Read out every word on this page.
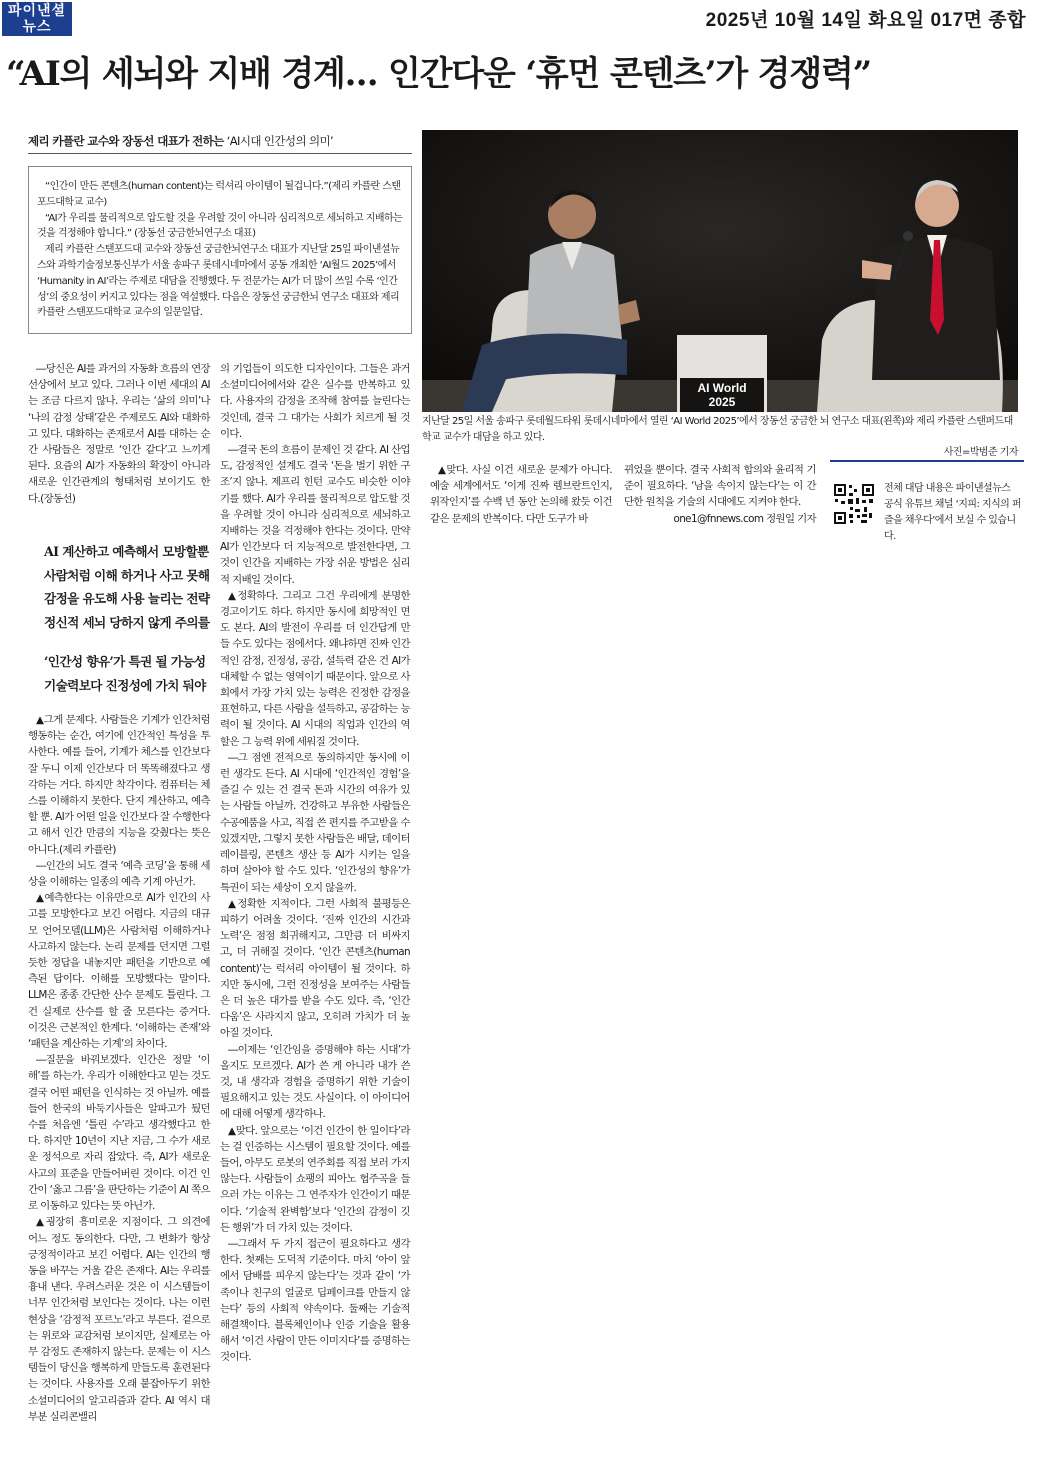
파이낸셜
뉴스	2025년 10월 14일 화요일 017면 종합
“AI의 세뇌와 지배 경계… 인간다운 ‘휴먼 콘텐츠’가 경쟁력”
제리 카플란 교수와 장동선 대표가 전하는 ‘AI시대 인간성의 의미’

“인간이 만든 콘텐츠(human content)는 럭셔리 아이템이 될겁니다.”(제리 카플란 스탠포드대학교 교수)

“AI가 우리를 물리적으로 압도할 것을 우려할 것이 아니라 심리적으로 세뇌하고 지배하는 것을 걱정해야 합니다.” (장동선 궁금한뇌연구소 대표)

제리 카플란 스탠포드대 교수와 장동선 궁금한뇌연구소 대표가 지난달 25일 파이낸셜뉴스와 과학기술정보통신부가 서울 송파구 롯데시네마에서 공동 개최한 ‘AI월드 2025’에서 ‘Humanity in AI’라는 주제로 대담을 진행했다. 두 전문가는 AI가 더 많이 쓰일 수록 ‘인간성’의 중요성이 커지고 있다는 점을 역설했다. 다음은 장동선 궁금한뇌 연구소 대표와 제리 카플란 스탠포드대학교 교수의 일문일답.

―당신은 AI를 과거의 자동화 흐름의 연장선상에서 보고 있다. 그러나 이번 세대의 AI는 조금 다르지 않나. 우리는 ‘삶의 의미’나 ‘나의 감정 상태’같은 주제로도 AI와 대화하고 있다. 대화하는 존재로서 AI를 대하는 순간 사람들은 정말로 ‘인간 같다’고 느끼게 된다. 요즘의 AI가 자동화의 확장이 아니라 새로운 인간관계의 형태처럼 보이기도 한다.(장동선)

AI 계산하고 예측해서 모방할뿐

사람처럼 이해 하거나 사고 못해

감정을 유도해 사용 늘리는 전략

정신적 세뇌 당하지 않게 주의를

‘인간성 향유’가 특권 될 가능성

기술력보다 진정성에 가치 둬야

▲그게 문제다. 사람들은 기계가 인간처럼 행동하는 순간, 여기에 인간적인 특성을 투사한다. 예를 들어, 기계가 체스를 인간보다 잘 두니 이제 인간보다 더 똑똑해졌다고 생각하는 거다. 하지만 착각이다. 컴퓨터는 체스를 이해하지 못한다. 단지 계산하고, 예측할 뿐. AI가 어떤 일을 인간보다 잘 수행한다고 해서 인간 만큼의 지능을 갖췄다는 뜻은 아니다.(제리 카플란)

―인간의 뇌도 결국 ‘예측 코딩’을 통해 세상을 이해하는 일종의 예측 기계 아닌가.

▲예측한다는 이유만으로 AI가 인간의 사고를 모방한다고 보긴 어렵다. 지금의 대규모 언어모델(LLM)은 사람처럼 이해하거나 사고하지 않는다. 논리 문제를 던지면 그럴듯한 정답을 내놓지만 패턴을 기반으로 예측된 답이다. 이해를 모방했다는 말이다. LLM은 종종 간단한 산수 문제도 틀린다. 그건 실제로 산수를 할 줄 모른다는 증거다. 이것은 근본적인 한계다. ‘이해하는 존재’와 ‘패턴을 계산하는 기계’의 차이다.

―질문을 바꿔보겠다. 인간은 정말 ‘이해’를 하는가. 우리가 이해한다고 믿는 것도 결국 어떤 패턴을 인식하는 것 아닐까. 예를 들어 한국의 바둑기사들은 알파고가 뒀던 수를 처음엔 ‘틀린 수’라고 생각했다고 한다. 하지만 10년이 지난 지금, 그 수가 새로운 정석으로 자리 잡았다. 즉, AI가 새로운 사고의 표준을 만들어버린 것이다. 이건 인간이 ‘옳고 그름’을 판단하는 기준이 AI 쪽으로 이동하고 있다는 뜻 아닌가.

▲굉장히 흥미로운 지점이다. 그 의견에 어느 정도 동의한다. 다만, 그 변화가 항상 긍정적이라고 보긴 어렵다. AI는 인간의 행동을 바꾸는 거울 같은 존재다. AI는 우리를 흉내 낸다. 우려스러운 것은 이 시스템들이 너무 인간처럼 보인다는 것이다. 나는 이런 현상을 ‘감정적 포르노’라고 부른다. 겉으로는 위로와 교감처럼 보이지만, 실제로는 아무 감정도 존재하지 않는다. 문제는 이 시스템들이 당신을 행복하게 만들도록 훈련된다는 것이다. 사용자를 오래 붙잡아두기 위한 소셜미디어의 알고리즘과 같다. AI 역시 대부분 실리콘밸리

의 기업들이 의도한 디자인이다. 그들은 과거 소셜미디어에서와 같은 실수를 반복하고 있다. 사용자의 감정을 조작해 참여를 늘린다는 것인데, 결국 그 대가는 사회가 치르게 될 것이다.

―결국 돈의 흐름이 문제인 것 같다. AI 산업도, 감정적인 설계도 결국 ‘돈을 벌기 위한 구조’지 않나. 제프리 힌턴 교수도 비슷한 이야기를 했다. AI가 우리를 물리적으로 압도할 것을 우려할 것이 아니라 심리적으로 세뇌하고 지배하는 것을 걱정해야 한다는 것이다. 만약 AI가 인간보다 더 지능적으로 발전한다면, 그것이 인간을 지배하는 가장 쉬운 방법은 심리적 지배일 것이다.

▲정확하다. 그리고 그건 우리에게 분명한 경고이기도 하다. 하지만 동시에 희망적인 면도 본다. AI의 발전이 우리를 더 인간답게 만들 수도 있다는 점에서다. 왜냐하면 진짜 인간적인 감정, 진정성, 공감, 설득력 같은 건 AI가 대체할 수 없는 영역이기 때문이다. 앞으로 사회에서 가장 가치 있는 능력은 진정한 감정을 표현하고, 다른 사람을 설득하고, 공감하는 능력이 될 것이다. AI 시대의 직업과 인간의 역할은 그 능력 위에 세워질 것이다.

―그 점엔 전적으로 동의하지만 동시에 이런 생각도 든다. AI 시대에 ‘인간적인 경험’을 즐길 수 있는 건 결국 돈과 시간의 여유가 있는 사람들 아닐까. 건강하고 부유한 사람들은 수공예품을 사고, 직접 쓴 편지를 주고받을 수 있겠지만, 그렇지 못한 사람들은 배달, 데이터 레이블링, 콘텐츠 생산 등 AI가 시키는 일을 하며 살아야 할 수도 있다. ‘인간성의 향유’가 특권이 되는 세상이 오지 않을까.

▲정확한 지적이다. 그런 사회적 불평등은 피하기 어려울 것이다. ‘진짜 인간의 시간과 노력’은 점점 희귀해지고, 그만큼 더 비싸지고, 더 귀해질 것이다. ‘인간 콘텐츠(human content)’는 럭셔리 아이템이 될 것이다. 하지만 동시에, 그런 진정성을 보여주는 사람들은 더 높은 대가를 받을 수도 있다. 즉, ‘인간다움’은 사라지지 않고, 오히려 가치가 더 높아질 것이다.

―이제는 ‘인간임을 증명해야 하는 시대’가 올지도 모르겠다. AI가 쓴 게 아니라 내가 쓴 것, 내 생각과 경험을 증명하기 위한 기술이 필요해지고 있는 것도 사실이다. 이 아이디어에 대해 어떻게 생각하나.

▲맞다. 앞으로는 ‘이건 인간이 한 일이다’라는 걸 인증하는 시스템이 필요할 것이다. 예를 들어, 아무도 로봇의 연주회를 직접 보러 가지 않는다. 사람들이 쇼팽의 피아노 협주곡을 들으러 가는 이유는 그 연주자가 인간이기 때문이다. ‘기술적 완벽함’보다 ‘인간의 감정이 깃든 행위’가 더 가치 있는 것이다.

―그래서 두 가지 접근이 필요하다고 생각한다. 첫째는 도덕적 기준이다. 마치 ‘아이 앞에서 담배를 피우지 않는다’는 것과 같이 ‘가족이나 친구의 얼굴로 딥페이크를 만들지 않는다’ 등의 사회적 약속이다. 둘째는 기술적 해결책이다. 블록체인이나 인증 기술을 활용해서 ‘이건 사람이 만든 이미지다’를 증명하는 것이다.

AI World
2025
지난달 25일 서울 송파구 롯데월드타워 롯데시네마에서 열린 ‘AI World 2025’에서 장동선 궁금한 뇌 연구소 대표(왼쪽)와 제리 카플란 스탠퍼드대학교 교수가 대담을 하고 있다.
사진=박범준 기자

▲맞다. 사실 이건 새로운 문제가 아니다. 예술 세계에서도 ‘이게 진짜 렘브란트인지, 위작인지’를 수백 년 동안 논의해 왔듯 이건 같은 문제의 반복이다. 다만 도구가 바

뀌었을 뿐이다. 결국 사회적 합의와 윤리적 기준이 필요하다. ‘남을 속이지 않는다’는 이 간단한 원칙을 기술의 시대에도 지켜야 한다.

one1@fnnews.com 정원일 기자

전체 대담 내용은 파이낸셜뉴스 공식 유튜브 채널 ‘지피: 지식의 퍼즐을 채우다’에서 보실 수 있습니다.
